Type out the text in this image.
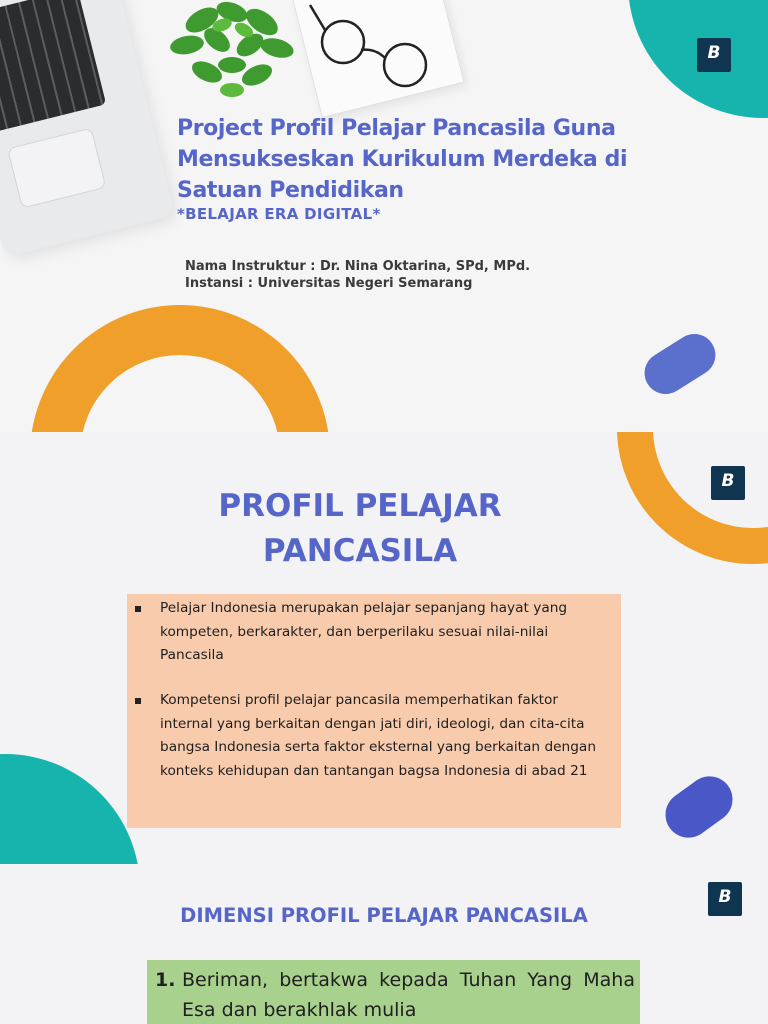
B
Project Profil Pelajar Pancasila Guna Mensukseskan Kurikulum Merdeka di Satuan Pendidikan
*BELAJAR ERA DIGITAL*
Nama Instruktur : Dr. Nina Oktarina, SPd, MPd.
Instansi : Universitas Negeri Semarang
B
PROFIL PELAJAR PANCASILA
Pelajar Indonesia merupakan pelajar sepanjang hayat yang kompeten, berkarakter, dan berperilaku sesuai nilai-nilai Pancasila
Kompetensi profil pelajar pancasila memperhatikan faktor internal yang berkaitan dengan jati diri, ideologi, dan cita-cita bangsa Indonesia serta faktor eksternal yang berkaitan dengan konteks kehidupan dan tantangan bagsa Indonesia di abad 21
B
DIMENSI PROFIL PELAJAR PANCASILA
1. Beriman, bertakwa kepada Tuhan Yang Maha Esa dan berakhlak mulia
